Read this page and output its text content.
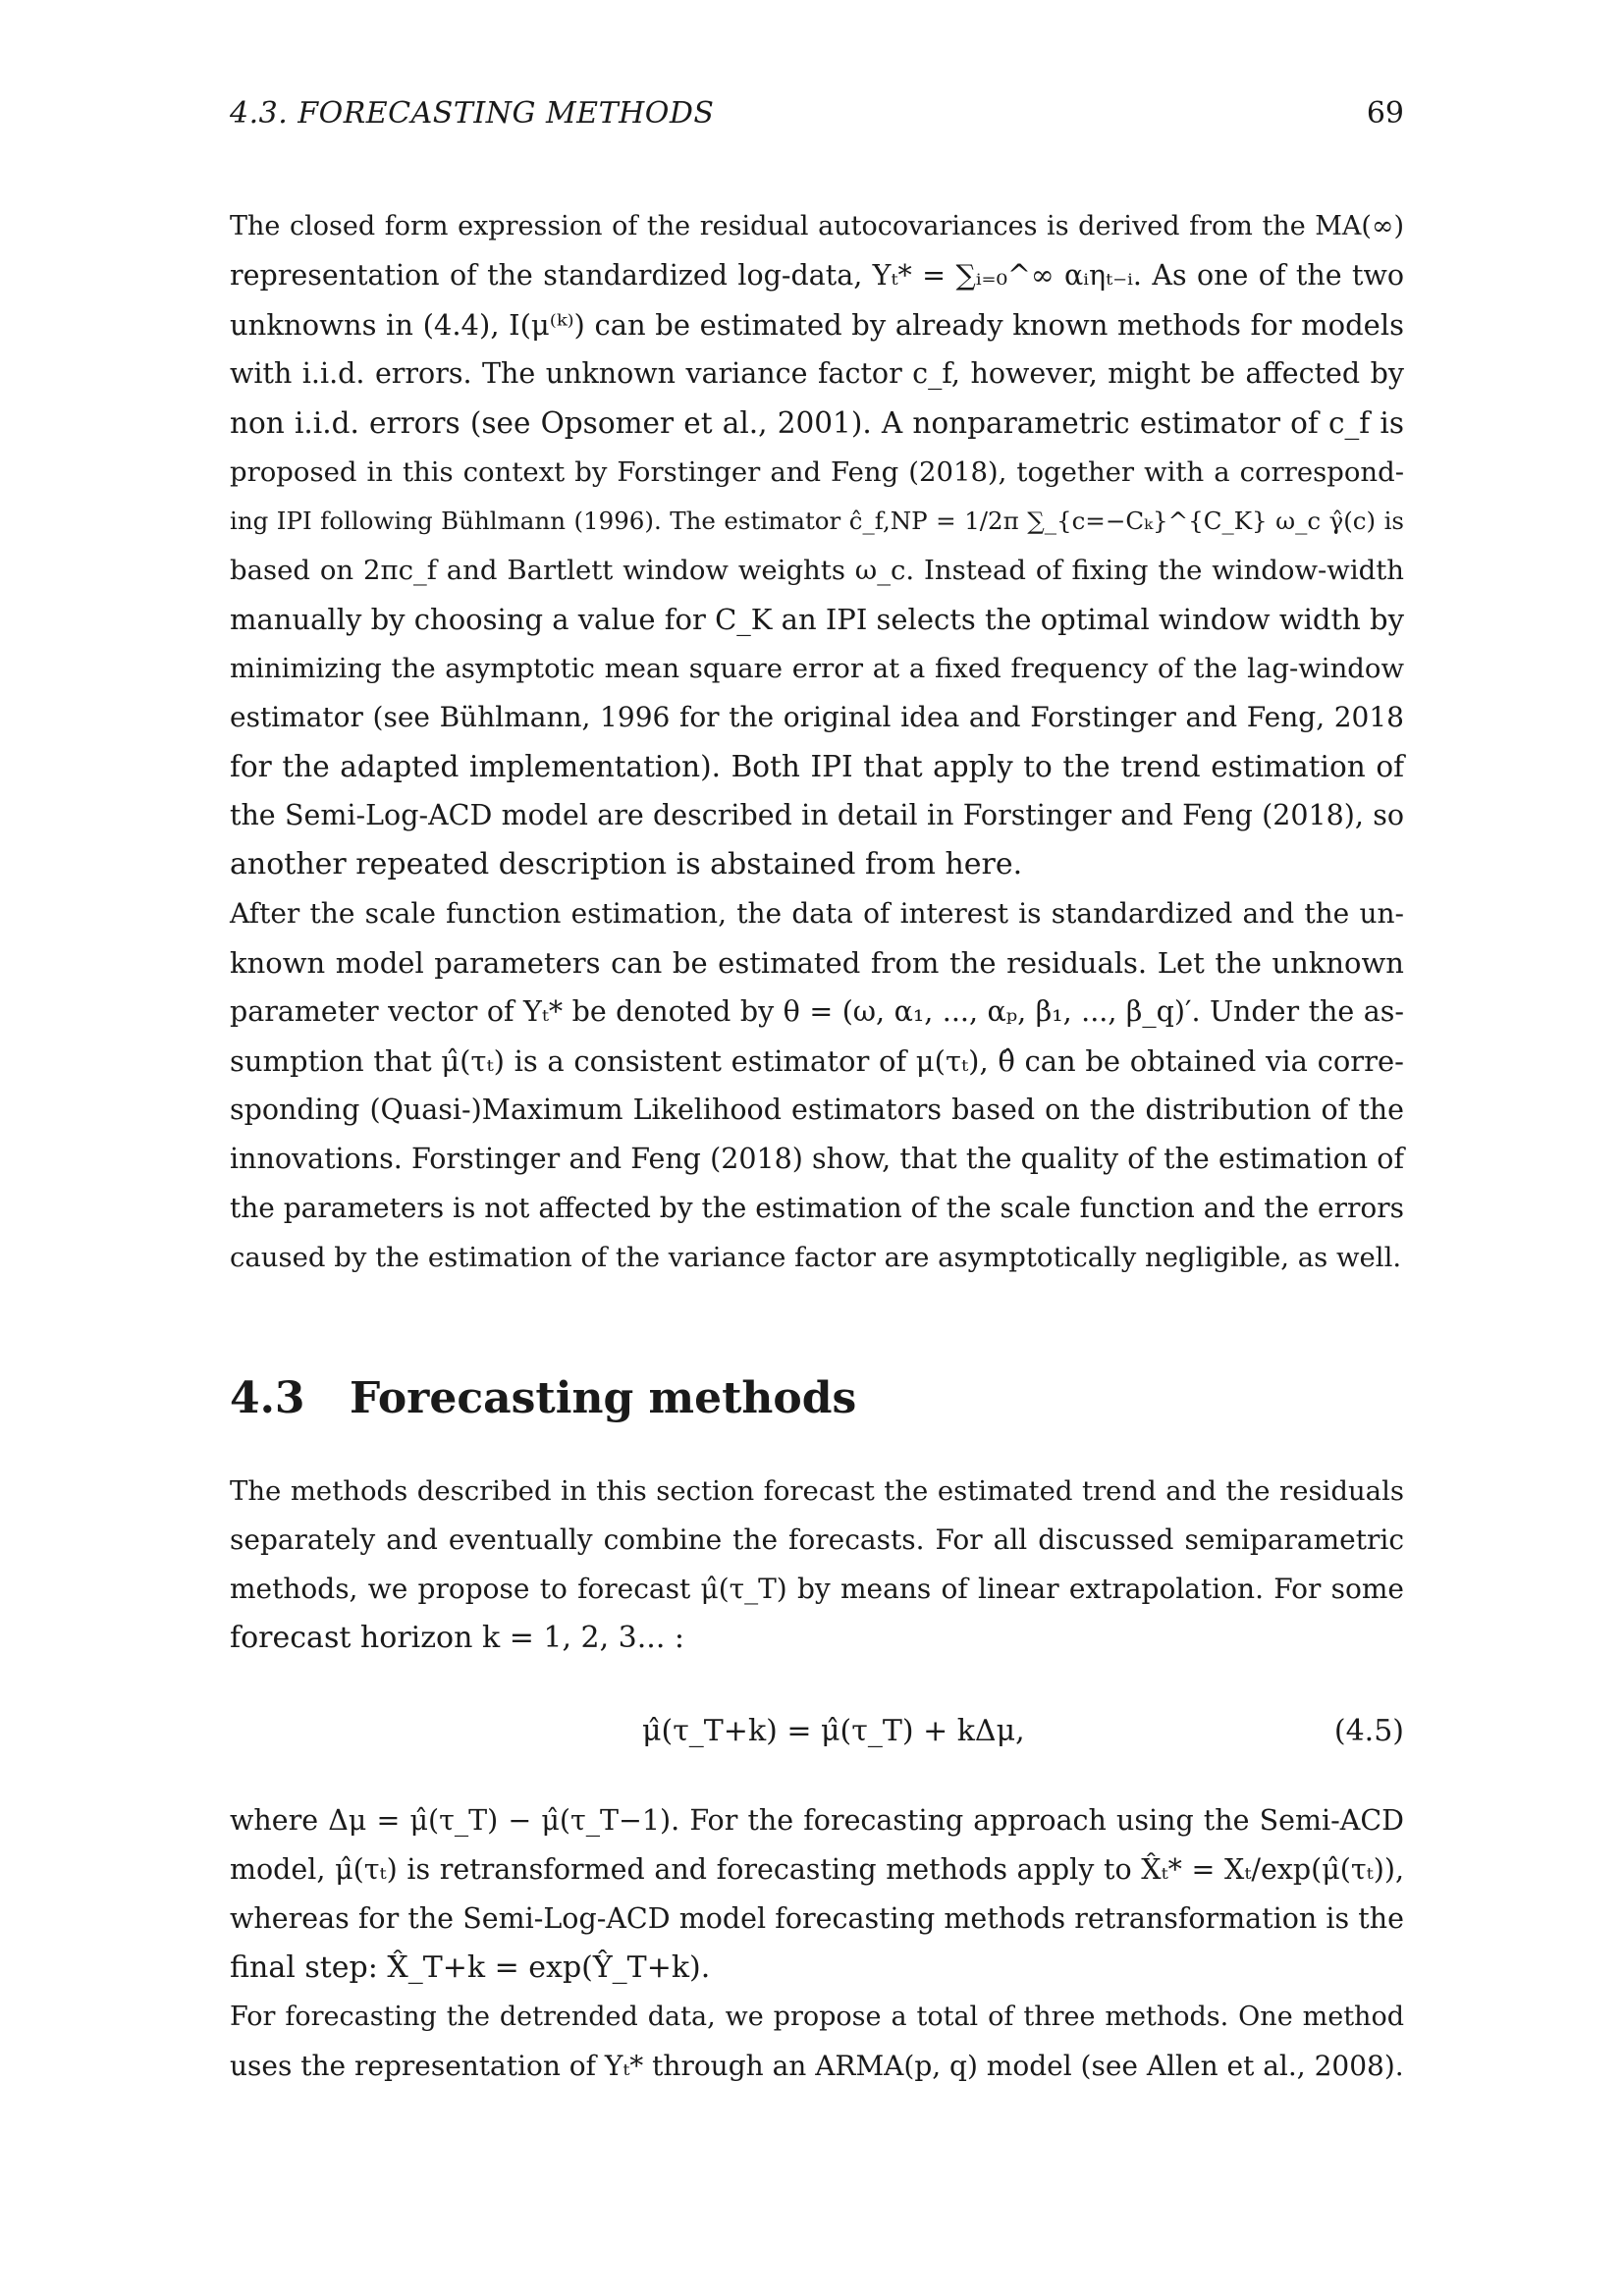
4.3. FORECASTING METHODS	69
The closed form expression of the residual autocovariances is derived from the MA(∞)
representation of the standardized log-data, Yₜ* = ∑ᵢ₌₀^∞ αᵢηₜ₋ᵢ. As one of the two
unknowns in (4.4), I(μ⁽ᵏ⁾) can be estimated by already known methods for models
with i.i.d. errors. The unknown variance factor c_f, however, might be affected by
non i.i.d. errors (see Opsomer et al., 2001). A nonparametric estimator of c_f is
proposed in this context by Forstinger and Feng (2018), together with a correspond-
ing IPI following Bühlmann (1996). The estimator ĉ_f,NP = 1/2π ∑_{c=−Cₖ}^{C_K} ω_c γ̂(c) is
based on 2πc_f and Bartlett window weights ω_c. Instead of fixing the window-width
manually by choosing a value for C_K an IPI selects the optimal window width by
minimizing the asymptotic mean square error at a fixed frequency of the lag-window
estimator (see Bühlmann, 1996 for the original idea and Forstinger and Feng, 2018
for the adapted implementation). Both IPI that apply to the trend estimation of
the Semi-Log-ACD model are described in detail in Forstinger and Feng (2018), so
another repeated description is abstained from here.
After the scale function estimation, the data of interest is standardized and the un-
known model parameters can be estimated from the residuals. Let the unknown
parameter vector of Yₜ* be denoted by θ = (ω, α₁, ..., αₚ, β₁, ..., β_q)′. Under the as-
sumption that μ̂(τₜ) is a consistent estimator of μ(τₜ), θ̂ can be obtained via corre-
sponding (Quasi-)Maximum Likelihood estimators based on the distribution of the
innovations. Forstinger and Feng (2018) show, that the quality of the estimation of
the parameters is not affected by the estimation of the scale function and the errors
caused by the estimation of the variance factor are asymptotically negligible, as well.
4.3 Forecasting methods
The methods described in this section forecast the estimated trend and the residuals
separately and eventually combine the forecasts. For all discussed semiparametric
methods, we propose to forecast μ̂(τ_T) by means of linear extrapolation. For some
forecast horizon k = 1, 2, 3... :
μ̂(τ_T+k) = μ̂(τ_T) + kΔμ,	(4.5)
where Δμ = μ̂(τ_T) − μ̂(τ_T−1). For the forecasting approach using the Semi-ACD
model, μ̂(τₜ) is retransformed and forecasting methods apply to X̂ₜ* = Xₜ/exp(μ̂(τₜ)),
whereas for the Semi-Log-ACD model forecasting methods retransformation is the
final step: X̂_T+k = exp(Ŷ_T+k).
For forecasting the detrended data, we propose a total of three methods. One method
uses the representation of Yₜ* through an ARMA(p, q) model (see Allen et al., 2008).
